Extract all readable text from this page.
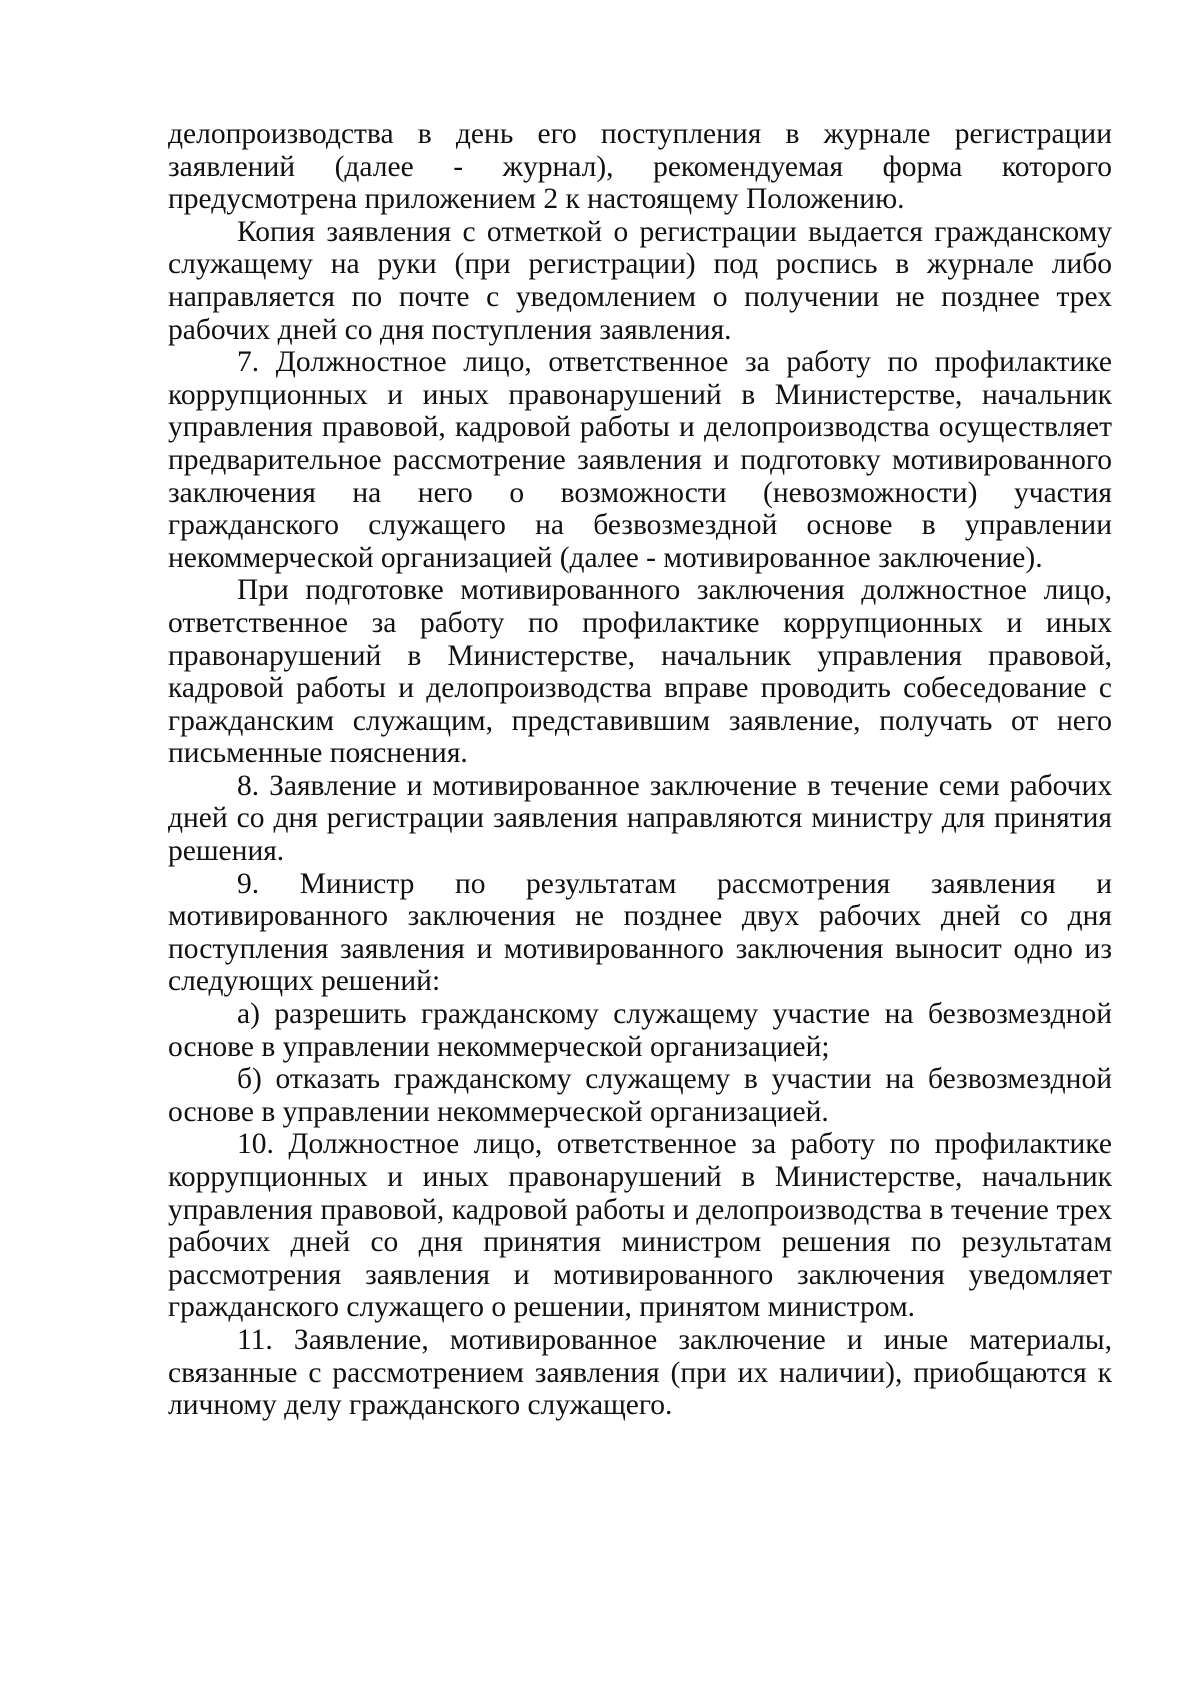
делопроизводства в день его поступления в журнале регистрации заявлений (далее - журнал), рекомендуемая форма которого предусмотрена приложением 2 к настоящему Положению.

Копия заявления с отметкой о регистрации выдается гражданскому служащему на руки (при регистрации) под роспись в журнале либо направляется по почте с уведомлением о получении не позднее трех рабочих дней со дня поступления заявления.

7. Должностное лицо, ответственное за работу по профилактике коррупционных и иных правонарушений в Министерстве, начальник управления правовой, кадровой работы и делопроизводства осуществляет предварительное рассмотрение заявления и подготовку мотивированного заключения на него о возможности (невозможности) участия гражданского служащего на безвозмездной основе в управлении некоммерческой организацией (далее - мотивированное заключение).

При подготовке мотивированного заключения должностное лицо, ответственное за работу по профилактике коррупционных и иных правонарушений в Министерстве, начальник управления правовой, кадровой работы и делопроизводства вправе проводить собеседование с гражданским служащим, представившим заявление, получать от него письменные пояснения.

8. Заявление и мотивированное заключение в течение семи рабочих дней со дня регистрации заявления направляются министру для принятия решения.

9. Министр по результатам рассмотрения заявления и мотивированного заключения не позднее двух рабочих дней со дня поступления заявления и мотивированного заключения выносит одно из следующих решений:

а) разрешить гражданскому служащему участие на безвозмездной основе в управлении некоммерческой организацией;

б) отказать гражданскому служащему в участии на безвозмездной основе в управлении некоммерческой организацией.

10. Должностное лицо, ответственное за работу по профилактике коррупционных и иных правонарушений в Министерстве, начальник управления правовой, кадровой работы и делопроизводства в течение трех рабочих дней со дня принятия министром решения по результатам рассмотрения заявления и мотивированного заключения уведомляет гражданского служащего о решении, принятом министром.

11. Заявление, мотивированное заключение и иные материалы, связанные с рассмотрением заявления (при их наличии), приобщаются к личному делу гражданского служащего.
